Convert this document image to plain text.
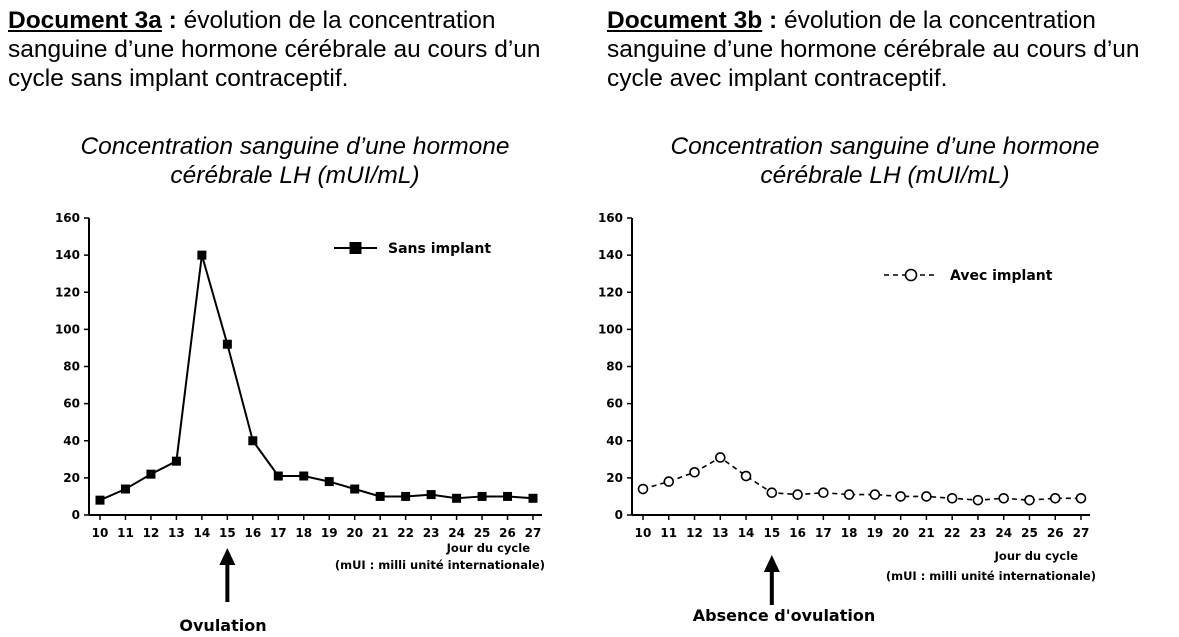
Document 3a : évolution de la concentration sanguine d’une hormone cérébrale au cours d’un cycle sans implant contraceptif.
Document 3b : évolution de la concentration sanguine d’une hormone cérébrale au cours d’un cycle avec implant contraceptif.
Concentration sanguine d’une hormone
cérébrale LH (mUI/mL)
Concentration sanguine d’une hormone
cérébrale LH (mUI/mL)
0
20
40
60
80
100
120
140
160
10 11 12 13 14 15 16 17 18 19 20 21 22 23 24 25 26 27
Sans implant
Jour du cycle
(mUI : milli unité internationale)
Ovulation
0
20
40
60
80
100
120
140
160
10 11 12 13 14 15 16 17 18 19 20 21 22 23 24 25 26 27
Avec implant
Jour du cycle
(mUI : milli unité internationale)
Absence d'ovulation
